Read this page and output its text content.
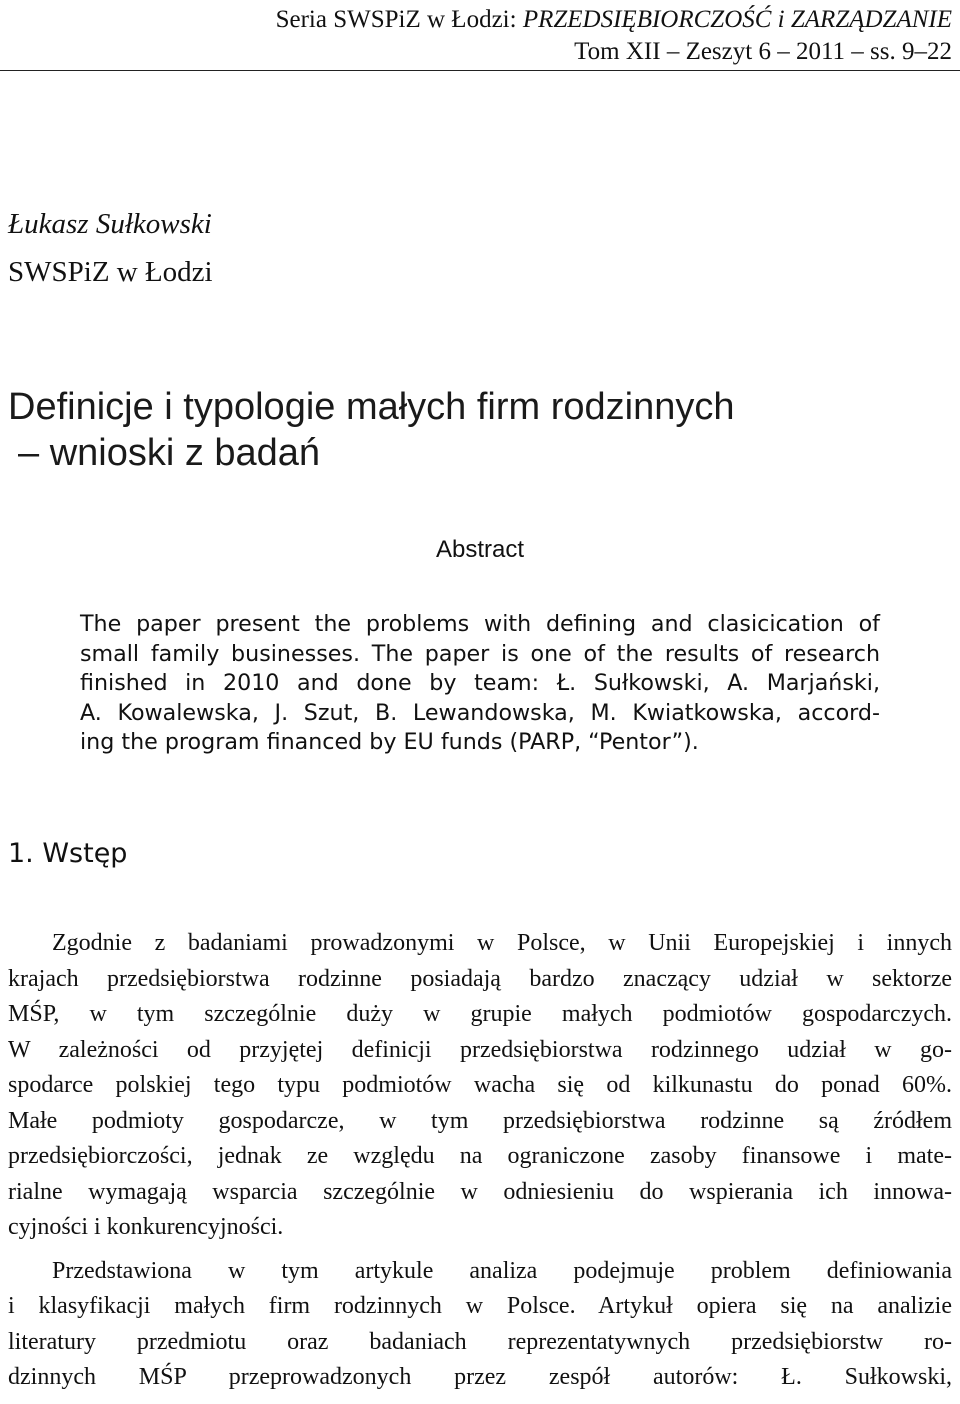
Seria SWSPiZ w Łodzi: PRZEDSIĘBIORCZOŚĆ i ZARZĄDZANIE
Tom XII – Zeszyt 6 – 2011 – ss. 9–22
Łukasz Sułkowski
SWSPiZ w Łodzi
Definicje i typologie małych firm rodzinnych
– wnioski z badań
Abstract
The paper present the problems with defining and clasicication of
small family businesses. The paper is one of the results of research
finished in 2010 and done by team: Ł. Sułkowski, A. Marjański,
A. Kowalewska, J. Szut, B. Lewandowska, M. Kwiatkowska, accord-
ing the program financed by EU funds (PARP, “Pentor”).
1. Wstęp
Zgodnie z badaniami prowadzonymi w Polsce, w Unii Europejskiej i innych
krajach przedsiębiorstwa rodzinne posiadają bardzo znaczący udział w sektorze
MŚP, w tym szczególnie duży w grupie małych podmiotów gospodarczych.
W zależności od przyjętej definicji przedsiębiorstwa rodzinnego udział w go-
spodarce polskiej tego typu podmiotów wacha się od kilkunastu do ponad 60%.
Małe podmioty gospodarcze, w tym przedsiębiorstwa rodzinne są źródłem
przedsiębiorczości, jednak ze względu na ograniczone zasoby finansowe i mate-
rialne wymagają wsparcia szczególnie w odniesieniu do wspierania ich innowa-
cyjności i konkurencyjności.
Przedstawiona w tym artykule analiza podejmuje problem definiowania
i klasyfikacji małych firm rodzinnych w Polsce. Artykuł opiera się na analizie
literatury przedmiotu oraz badaniach reprezentatywnych przedsiębiorstw ro-
dzinnych MŚP przeprowadzonych przez zespół autorów: Ł. Sułkowski,
